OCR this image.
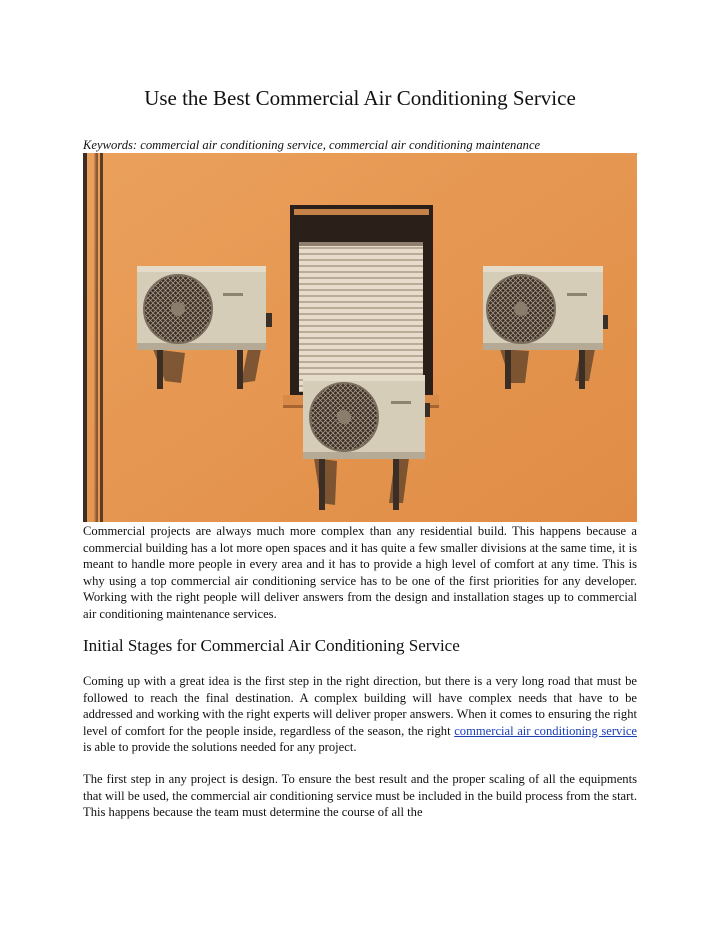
Use the Best Commercial Air Conditioning Service

Keywords: commercial air conditioning service, commercial air conditioning maintenance

Commercial projects are always much more complex than any residential build. This happens because a commercial building has a lot more open spaces and it has quite a few smaller divisions at the same time, it is meant to handle more people in every area and it has to provide a high level of comfort at any time. This is why using a top commercial air conditioning service has to be one of the first priorities for any developer. Working with the right people will deliver answers from the design and installation stages up to commercial air conditioning maintenance services.

Initial Stages for Commercial Air Conditioning Service

Coming up with a great idea is the first step in the right direction, but there is a very long road that must be followed to reach the final destination. A complex building will have complex needs that have to be addressed and working with the right experts will deliver proper answers. When it comes to ensuring the right level of comfort for the people inside, regardless of the season, the right commercial air conditioning service is able to provide the solutions needed for any project.

The first step in any project is design. To ensure the best result and the proper scaling of all the equipments that will be used, the commercial air conditioning service must be included in the build process from the start. This happens because the team must determine the course of all the
